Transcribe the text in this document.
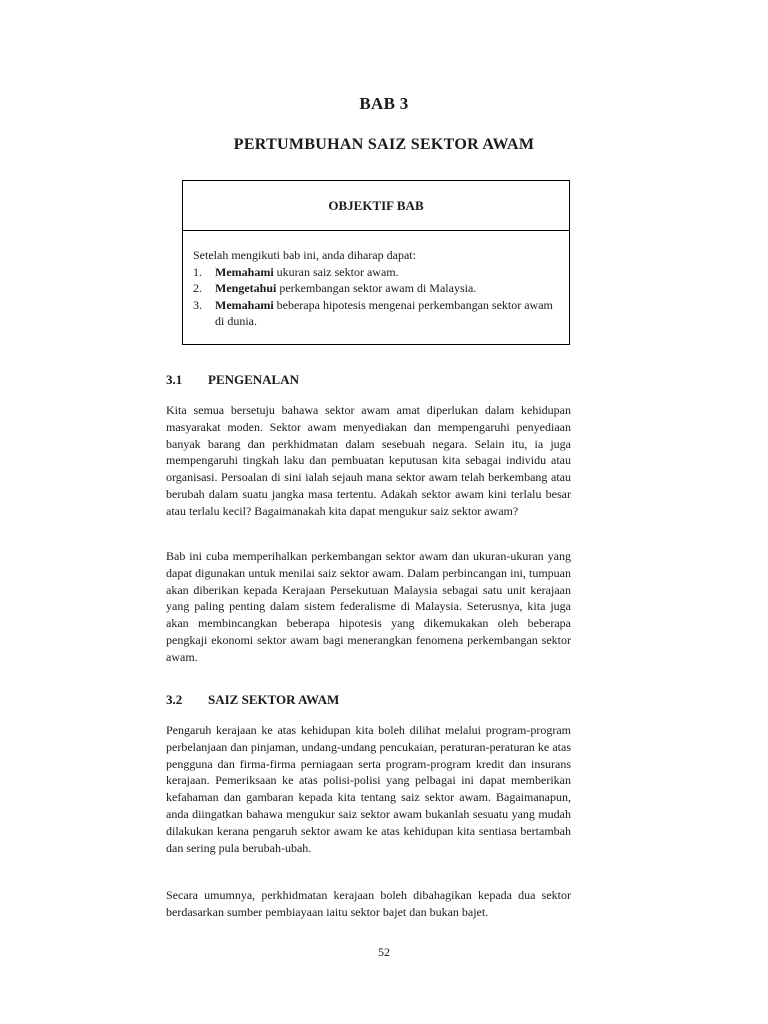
BAB 3
PERTUMBUHAN SAIZ SEKTOR AWAM
OBJEKTIF BAB
Setelah mengikuti bab ini, anda diharap dapat:
1. Memahami ukuran saiz sektor awam.
2. Mengetahui perkembangan sektor awam di Malaysia.
3. Memahami beberapa hipotesis mengenai perkembangan sektor awam di dunia.
3.1 PENGENALAN

Kita semua bersetuju bahawa sektor awam amat diperlukan dalam kehidupan masyarakat moden. Sektor awam menyediakan dan mempengaruhi penyediaan banyak barang dan perkhidmatan dalam sesebuah negara. Selain itu, ia juga mempengaruhi tingkah laku dan pembuatan keputusan kita sebagai individu atau organisasi. Persoalan di sini ialah sejauh mana sektor awam telah berkembang atau berubah dalam suatu jangka masa tertentu. Adakah sektor awam kini terlalu besar atau terlalu kecil? Bagaimanakah kita dapat mengukur saiz sektor awam?

Bab ini cuba memperihalkan perkembangan sektor awam dan ukuran-ukuran yang dapat digunakan untuk menilai saiz sektor awam. Dalam perbincangan ini, tumpuan akan diberikan kepada Kerajaan Persekutuan Malaysia sebagai satu unit kerajaan yang paling penting dalam sistem federalisme di Malaysia. Seterusnya, kita juga akan membincangkan beberapa hipotesis yang dikemukakan oleh beberapa pengkaji ekonomi sektor awam bagi menerangkan fenomena perkembangan sektor awam.

3.2 SAIZ SEKTOR AWAM

Pengaruh kerajaan ke atas kehidupan kita boleh dilihat melalui program-program perbelanjaan dan pinjaman, undang-undang pencukaian, peraturan-peraturan ke atas pengguna dan firma-firma perniagaan serta program-program kredit dan insurans kerajaan. Pemeriksaan ke atas polisi-polisi yang pelbagai ini dapat memberikan kefahaman dan gambaran kepada kita tentang saiz sektor awam. Bagaimanapun, anda diingatkan bahawa mengukur saiz sektor awam bukanlah sesuatu yang mudah dilakukan kerana pengaruh sektor awam ke atas kehidupan kita sentiasa bertambah dan sering pula berubah-ubah.

Secara umumnya, perkhidmatan kerajaan boleh dibahagikan kepada dua sektor berdasarkan sumber pembiayaan iaitu sektor bajet dan bukan bajet.

52
